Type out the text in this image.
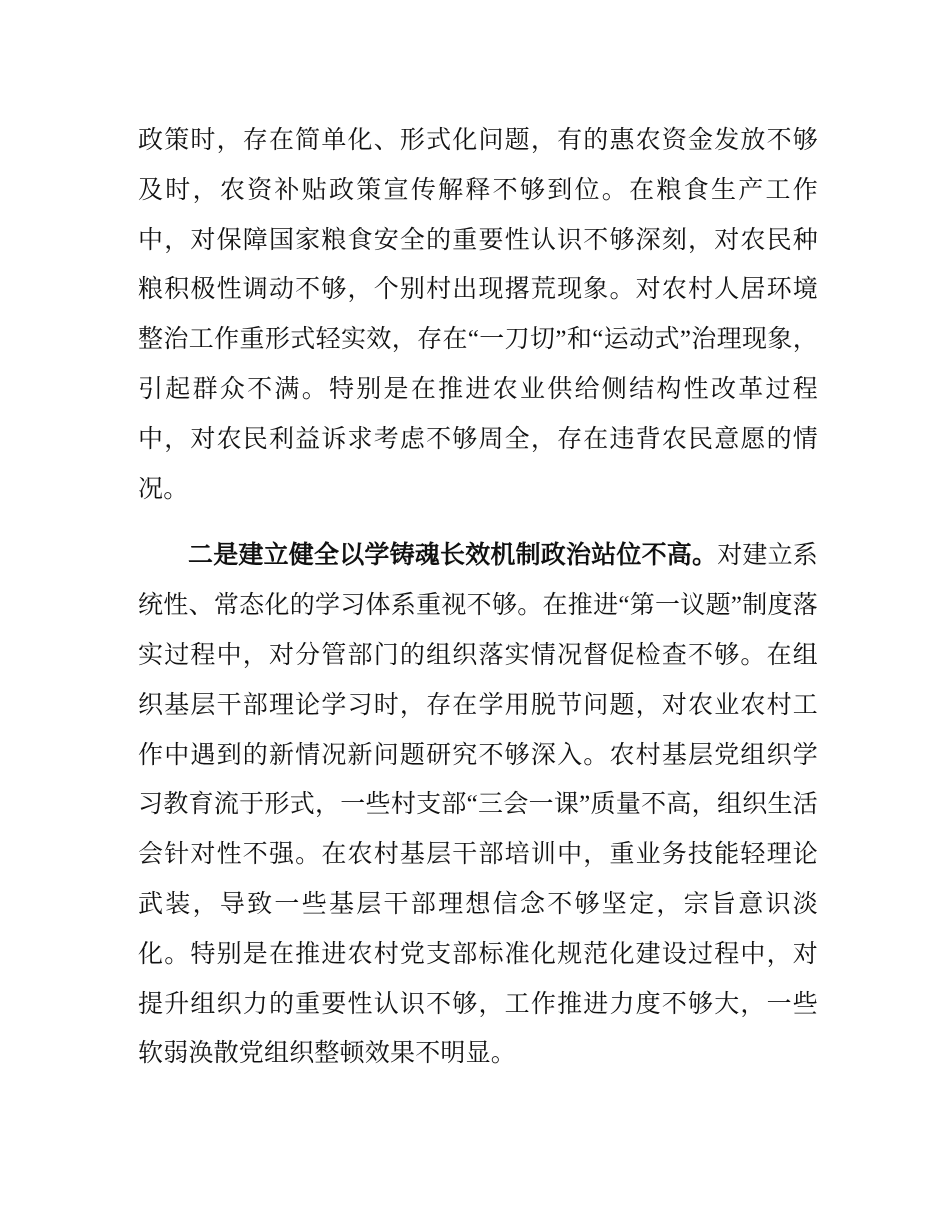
政策时，存在简单化、形式化问题，有的惠农资金发放不够及时，农资补贴政策宣传解释不够到位。在粮食生产工作中，对保障国家粮食安全的重要性认识不够深刻，对农民种粮积极性调动不够，个别村出现撂荒现象。对农村人居环境整治工作重形式轻实效，存在“一刀切”和“运动式”治理现象，引起群众不满。特别是在推进农业供给侧结构性改革过程中，对农民利益诉求考虑不够周全，存在违背农民意愿的情况。

二是建立健全以学铸魂长效机制政治站位不高。对建立系统性、常态化的学习体系重视不够。在推进“第一议题”制度落实过程中，对分管部门的组织落实情况督促检查不够。在组织基层干部理论学习时，存在学用脱节问题，对农业农村工作中遇到的新情况新问题研究不够深入。农村基层党组织学习教育流于形式，一些村支部“三会一课”质量不高，组织生活会针对性不强。在农村基层干部培训中，重业务技能轻理论武装，导致一些基层干部理想信念不够坚定，宗旨意识淡化。特别是在推进农村党支部标准化规范化建设过程中，对提升组织力的重要性认识不够，工作推进力度不够大，一些软弱涣散党组织整顿效果不明显。
